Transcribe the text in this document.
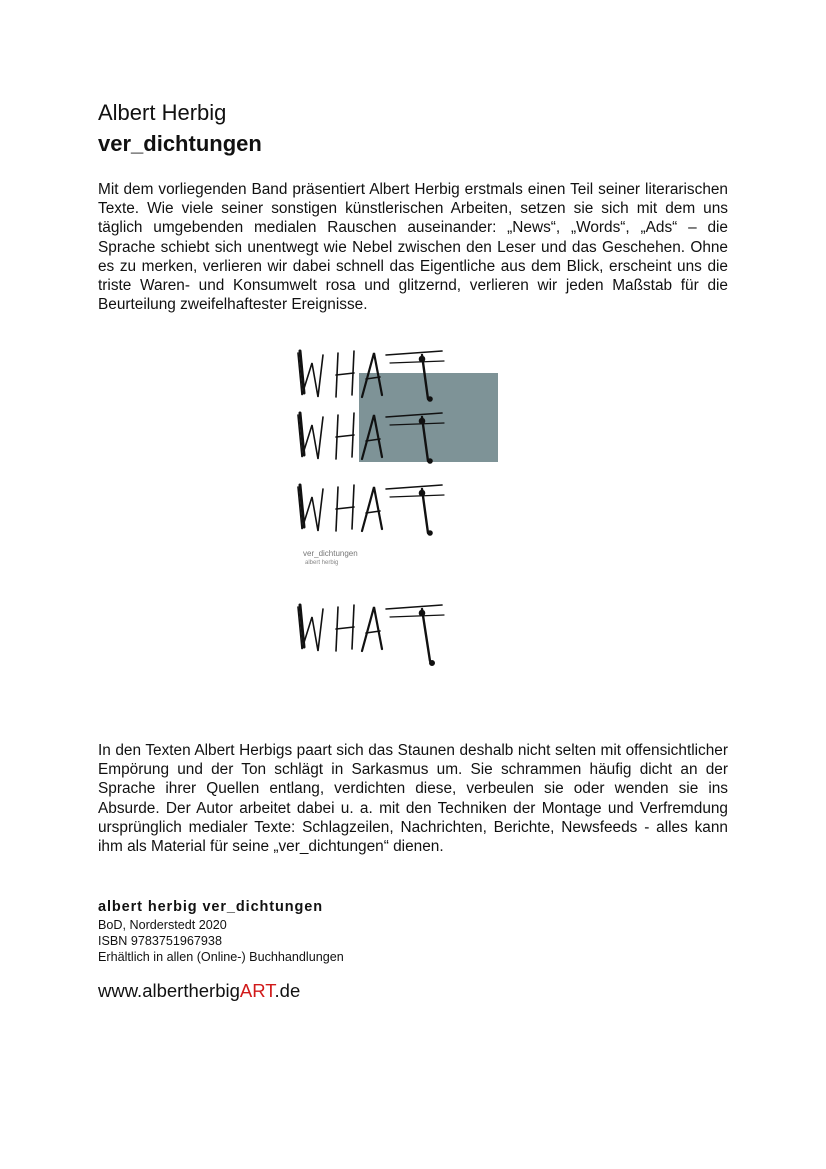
Albert Herbig
ver_dichtungen

Mit dem vorliegenden Band präsentiert Albert Herbig erstmals einen Teil seiner literarischen Texte. Wie viele seiner sonstigen künstlerischen Arbeiten, setzen sie sich mit dem uns täglich umgebenden medialen Rauschen auseinander: „News“, „Words“, „Ads“ – die Sprache schiebt sich unentwegt wie Nebel zwischen den Leser und das Geschehen. Ohne es zu merken, verlieren wir dabei schnell das Eigentliche aus dem Blick, erscheint uns die triste Waren- und Konsumwelt rosa und glitzernd, verlieren wir jeden Maßstab für die Beurteilung zweifelhaftester Ereignisse.

ver_dichtungen
albert herbig

In den Texten Albert Herbigs paart sich das Staunen deshalb nicht selten mit offensichtlicher Empörung und der Ton schlägt in Sarkasmus um. Sie schrammen häufig dicht an der Sprache ihrer Quellen entlang, verdichten diese, verbeulen sie oder wenden sie ins Absurde. Der Autor arbeitet dabei u. a. mit den Techniken der Montage und Verfremdung ursprünglich medialer Texte: Schlagzeilen, Nachrichten, Berichte, Newsfeeds - alles kann ihm als Material für seine „ver_dichtungen“ dienen.

albert herbig ver_dichtungen
BoD, Norderstedt 2020
ISBN 9783751967938
Erhältlich in allen (Online-) Buchhandlungen
www.albertherbigART.de
